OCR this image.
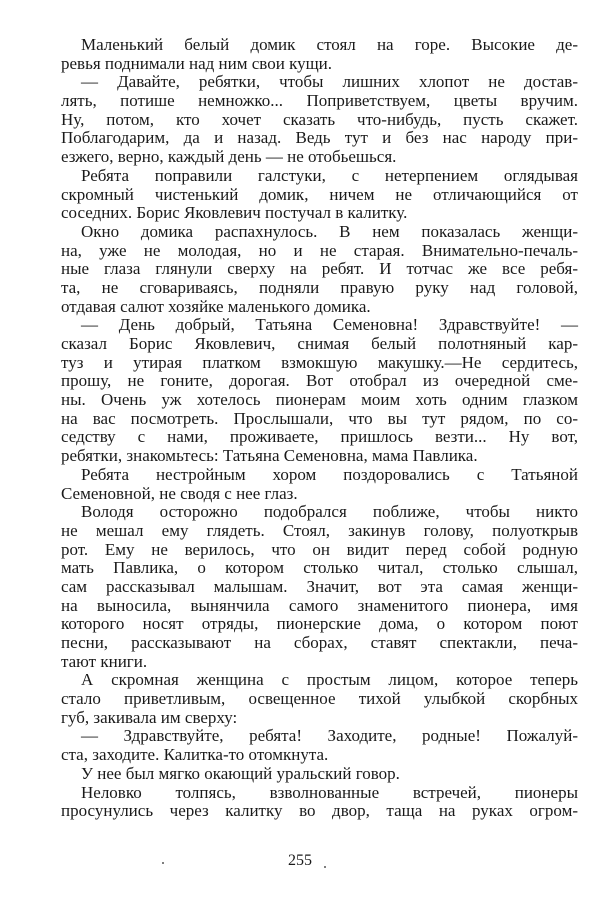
Маленький белый домик стоял на горе. Высокие де-
ревья поднимали над ним свои кущи.
— Давайте, ребятки, чтобы лишних хлопот не достав-
лять, потише немножко... Поприветствуем, цветы вручим.
Ну, потом, кто хочет сказать что-нибудь, пусть скажет.
Поблагодарим, да и назад. Ведь тут и без нас народу при-
езжего, верно, каждый день — не отобьешься.
Ребята поправили галстуки, с нетерпением оглядывая
скромный чистенький домик, ничем не отличающийся от
соседних. Борис Яковлевич постучал в калитку.
Окно домика распахнулось. В нем показалась женщи-
на, уже не молодая, но и не старая. Внимательно-печаль-
ные глаза глянули сверху на ребят. И тотчас же все ребя-
та, не сговариваясь, подняли правую руку над головой,
отдавая салют хозяйке маленького домика.
— День добрый, Татьяна Семеновна! Здравствуйте! —
сказал Борис Яковлевич, снимая белый полотняный кар-
туз и утирая платком взмокшую макушку.—Не сердитесь,
прошу, не гоните, дорогая. Вот отобрал из очередной сме-
ны. Очень уж хотелось пионерам моим хоть одним глазком
на вас посмотреть. Прослышали, что вы тут рядом, по со-
седству с нами, проживаете, пришлось везти... Ну вот,
ребятки, знакомьтесь: Татьяна Семеновна, мама Павлика.
Ребята нестройным хором поздоровались с Татьяной
Семеновной, не сводя с нее глаз.
Володя осторожно подобрался поближе, чтобы никто
не мешал ему глядеть. Стоял, закинув голову, полуоткрыв
рот. Ему не верилось, что он видит перед собой родную
мать Павлика, о котором столько читал, столько слышал,
сам рассказывал малышам. Значит, вот эта самая женщи-
на выносила, вынянчила самого знаменитого пионера, имя
которого носят отряды, пионерские дома, о котором поют
песни, рассказывают на сборах, ставят спектакли, печа-
тают книги.
А скромная женщина с простым лицом, которое теперь
стало приветливым, освещенное тихой улыбкой скорбных
губ, закивала им сверху:
— Здравствуйте, ребята! Заходите, родные! Пожалуй-
ста, заходите. Калитка-то отомкнута.
У нее был мягко окающий уральский говор.
Неловко толпясь, взволнованные встречей, пионеры
просунулись через калитку во двор, таща на руках огром-
255
